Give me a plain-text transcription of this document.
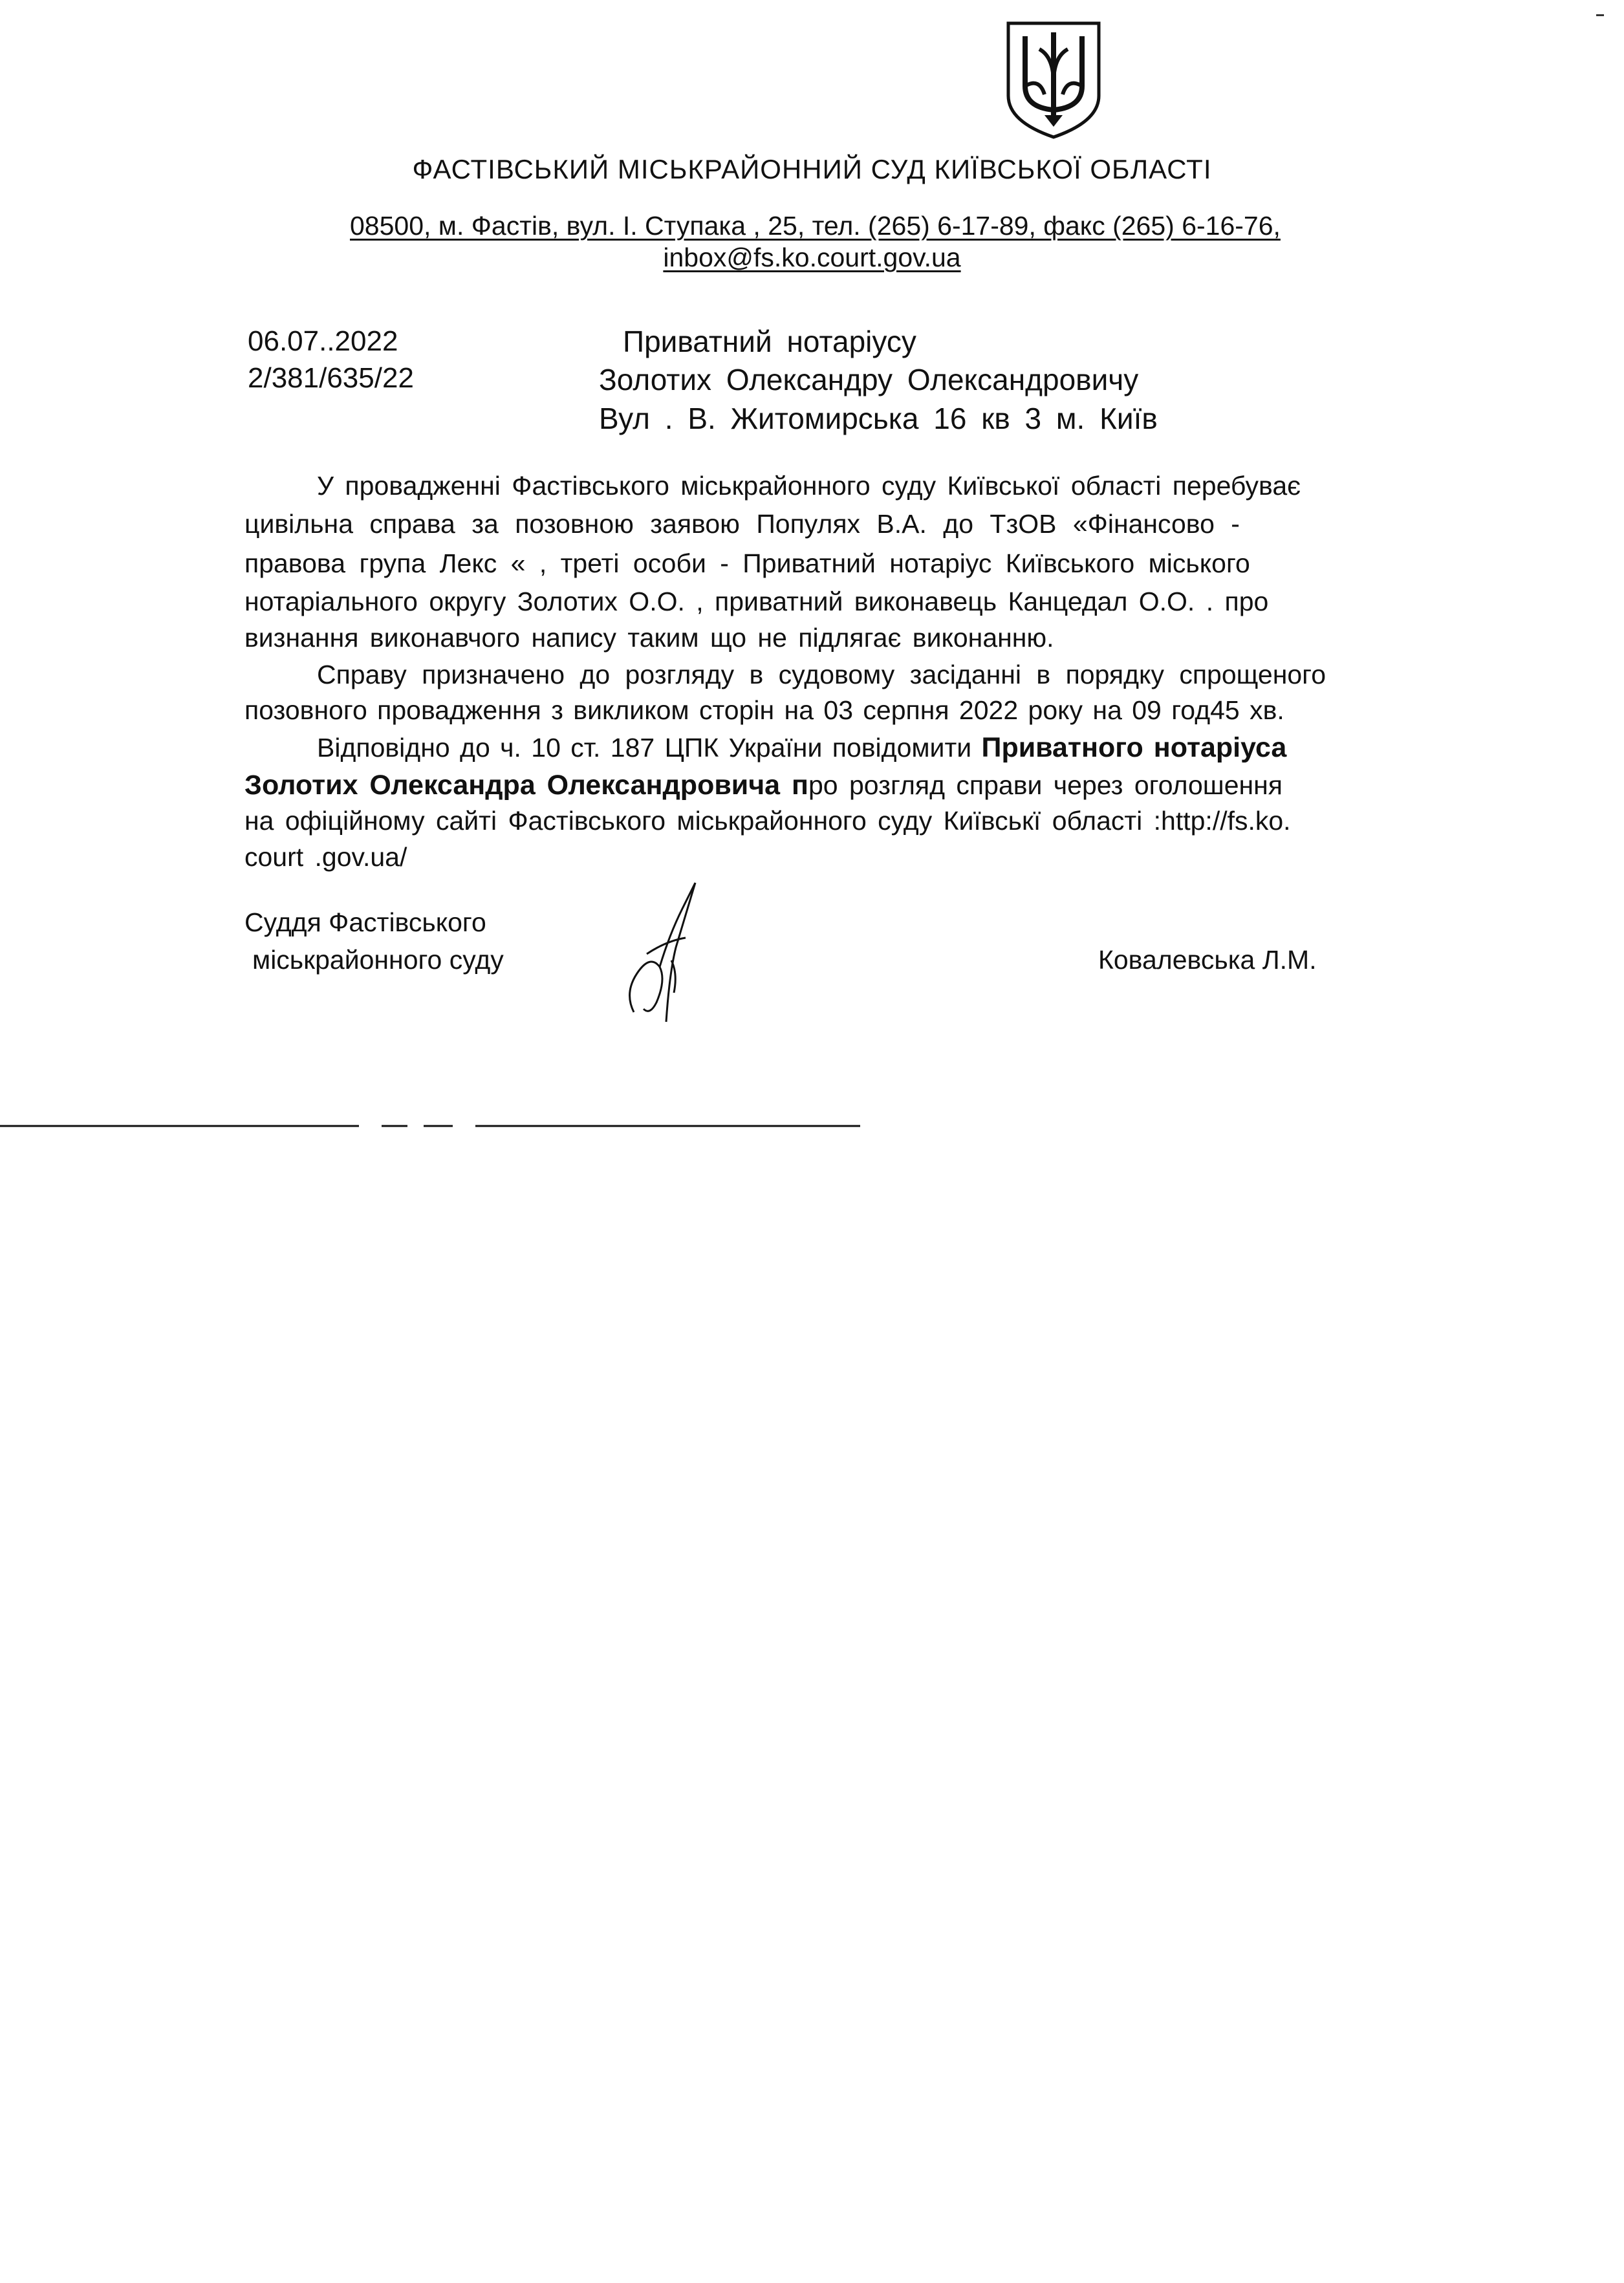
ФАСТІВСЬКИЙ МІСЬКРАЙОННИЙ СУД КИЇВСЬКОЇ ОБЛАСТІ
08500, м. Фастів, вул. І. Ступака , 25, тел. (265) 6-17-89, факс (265) 6-16-76,
inbox@fs.ko.court.gov.ua
06.07..2022
2/381/635/22
Приватний нотаріусу
Золотих Олександру Олександровичу
Вул . В. Житомирська 16 кв 3 м. Київ
У провадженні Фастівського міськрайонного суду Київської області перебуває
цивільна справа за позовною заявою Популях В.А. до ТзОВ «Фінансово -
правова група Лекс « , треті особи - Приватний нотаріус Київського міського
нотаріального округу Золотих О.О. , приватний виконавець Канцедал О.О. . про
визнання виконавчого напису таким що не підлягає виконанню.
Справу призначено до розгляду в судовому засіданні в порядку спрощеного
позовного провадження з викликом сторін на 03 серпня 2022 року на 09 год45 хв.
Відповідно до ч. 10 ст. 187 ЦПК України повідомити Приватного нотаріуса
Золотих Олександра Олександровича про розгляд справи через оголошення
на офіційному сайті Фастівського міськрайонного суду Київськї області :http://fs.ko.
court .gov.ua/
Суддя Фастівського
міськрайонного суду	Ковалевська Л.М.
